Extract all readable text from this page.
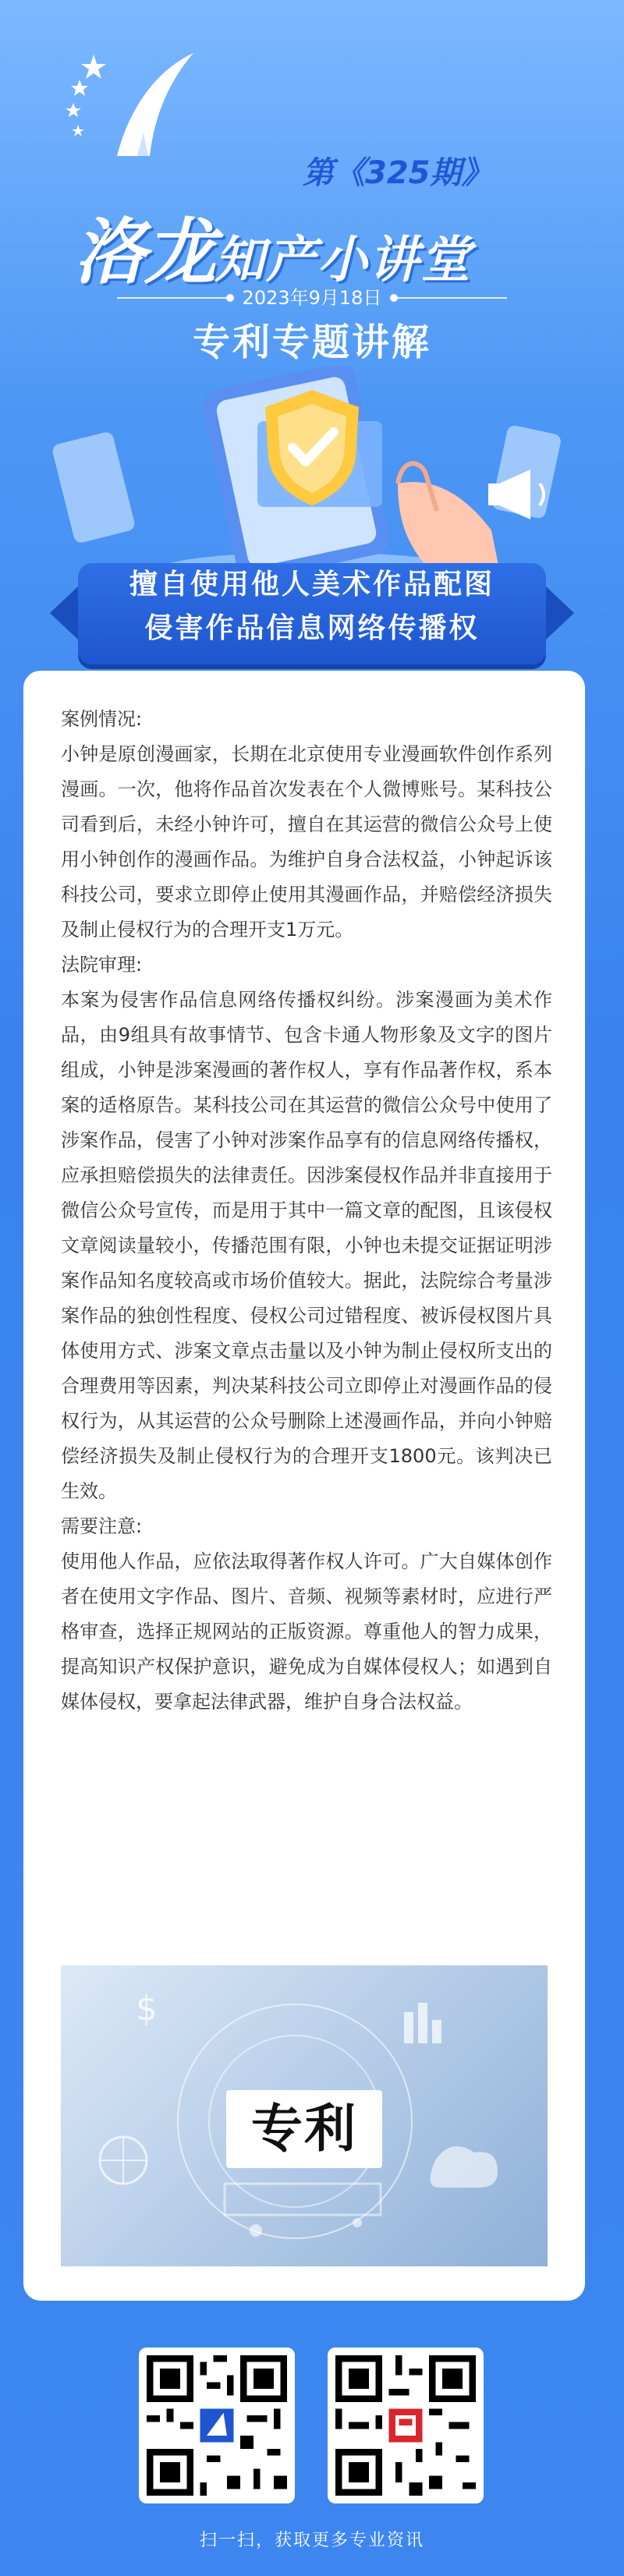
第《325期》
洛龙知产小讲堂
2023年9月18日
专利专题讲解
擅自使用他人美术作品配图
侵害作品信息网络传播权

案例情况:

小钟是原创漫画家，长期在北京使用专业漫画软件创作系列漫画。一次，他将作品首次发表在个人微博账号。某科技公司看到后，未经小钟许可，擅自在其运营的微信公众号上使用小钟创作的漫画作品。为维护自身合法权益，小钟起诉该科技公司，要求立即停止使用其漫画作品，并赔偿经济损失及制止侵权行为的合理开支1万元。

法院审理:

本案为侵害作品信息网络传播权纠纷。涉案漫画为美术作品，由9组具有故事情节、包含卡通人物形象及文字的图片组成，小钟是涉案漫画的著作权人，享有作品著作权，系本案的适格原告。某科技公司在其运营的微信公众号中使用了涉案作品，侵害了小钟对涉案作品享有的信息网络传播权，应承担赔偿损失的法律责任。因涉案侵权作品并非直接用于微信公众号宣传，而是用于其中一篇文章的配图，且该侵权文章阅读量较小，传播范围有限，小钟也未提交证据证明涉案作品知名度较高或市场价值较大。据此，法院综合考量涉案作品的独创性程度、侵权公司过错程度、被诉侵权图片具体使用方式、涉案文章点击量以及小钟为制止侵权所支出的合理费用等因素，判决某科技公司立即停止对漫画作品的侵权行为，从其运营的公众号删除上述漫画作品，并向小钟赔偿经济损失及制止侵权行为的合理开支1800元。该判决已生效。

需要注意:

使用他人作品，应依法取得著作权人许可。广大自媒体创作者在使用文字作品、图片、音频、视频等素材时，应进行严格审查，选择正规网站的正版资源。尊重他人的智力成果，提高知识产权保护意识，避免成为自媒体侵权人；如遇到自媒体侵权，要拿起法律武器，维护自身合法权益。

$
专利
扫一扫，获取更多专业资讯
